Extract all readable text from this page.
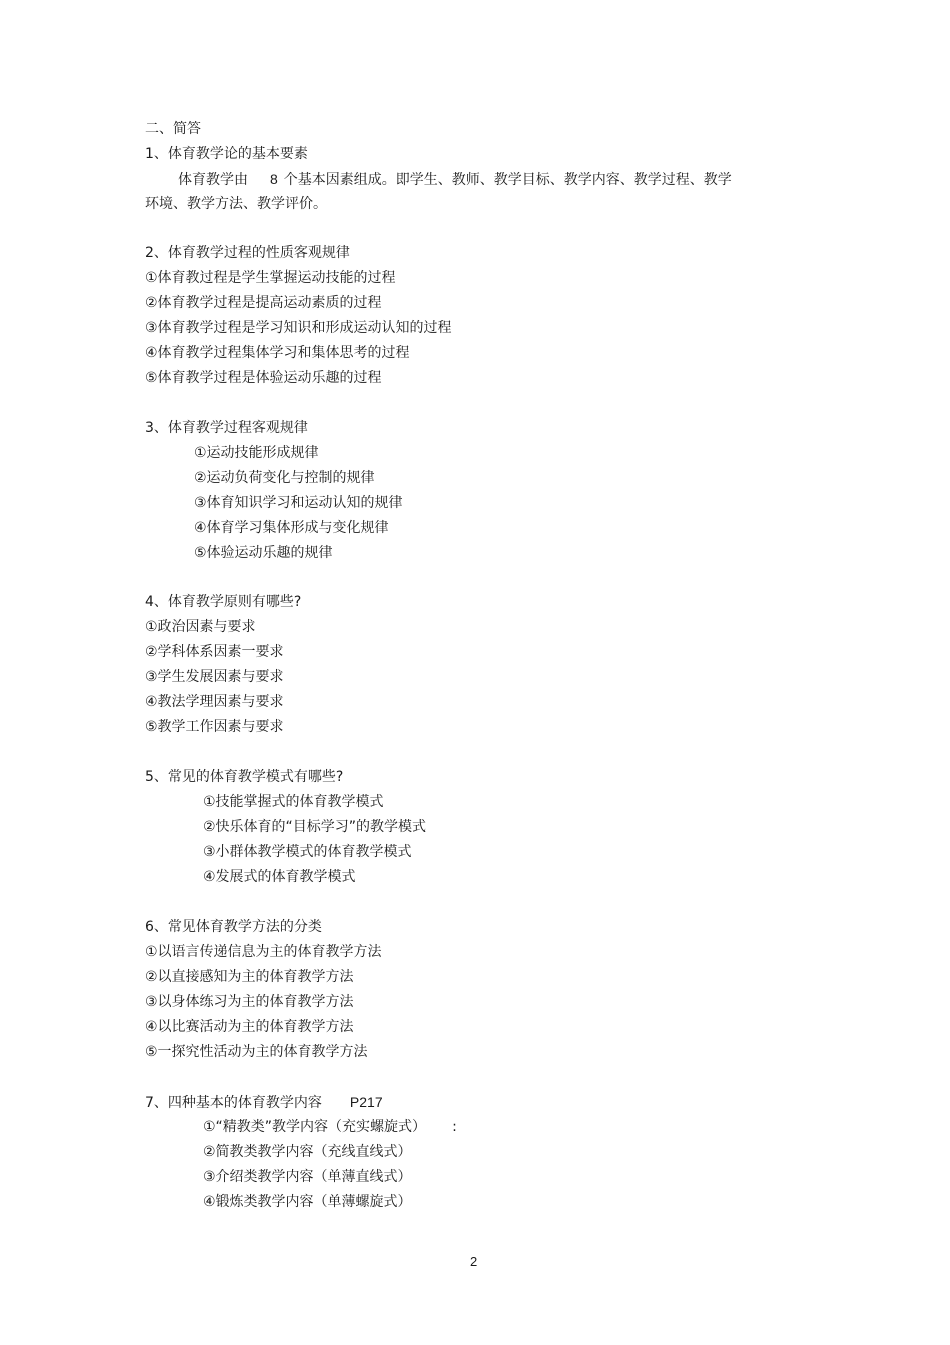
二、简答
1、体育教学论的基本要素
体育教学由 8 个基本因素组成。即学生、教师、教学目标、教学内容、教学过程、教学
环境、教学方法、教学评价。
2、体育教学过程的性质客观规律
①体育教过程是学生掌握运动技能的过程
②体育教学过程是提高运动素质的过程
③体育教学过程是学习知识和形成运动认知的过程
④体育教学过程集体学习和集体思考的过程
⑤体育教学过程是体验运动乐趣的过程
3、体育教学过程客观规律
①运动技能形成规律
②运动负荷变化与控制的规律
③体育知识学习和运动认知的规律
④体育学习集体形成与变化规律
⑤体验运动乐趣的规律
4、体育教学原则有哪些?
①政治因素与要求
②学科体系因素一要求
③学生发展因素与要求
④教法学理因素与要求
⑤教学工作因素与要求
5、常见的体育教学模式有哪些?
①技能掌握式的体育教学模式
②快乐体育的“目标学习”的教学模式
③小群体教学模式的体育教学模式
④发展式的体育教学模式
6、常见体育教学方法的分类
①以语言传递信息为主的体育教学方法
②以直接感知为主的体育教学方法
③以身体练习为主的体育教学方法
④以比赛活动为主的体育教学方法
⑤一探究性活动为主的体育教学方法
7、四种基本的体育教学内容 P217
①“精教类”教学内容（充实螺旋式） :
②简教类教学内容（充线直线式）
③介绍类教学内容（单薄直线式）
④锻炼类教学内容（单薄螺旋式）
2
